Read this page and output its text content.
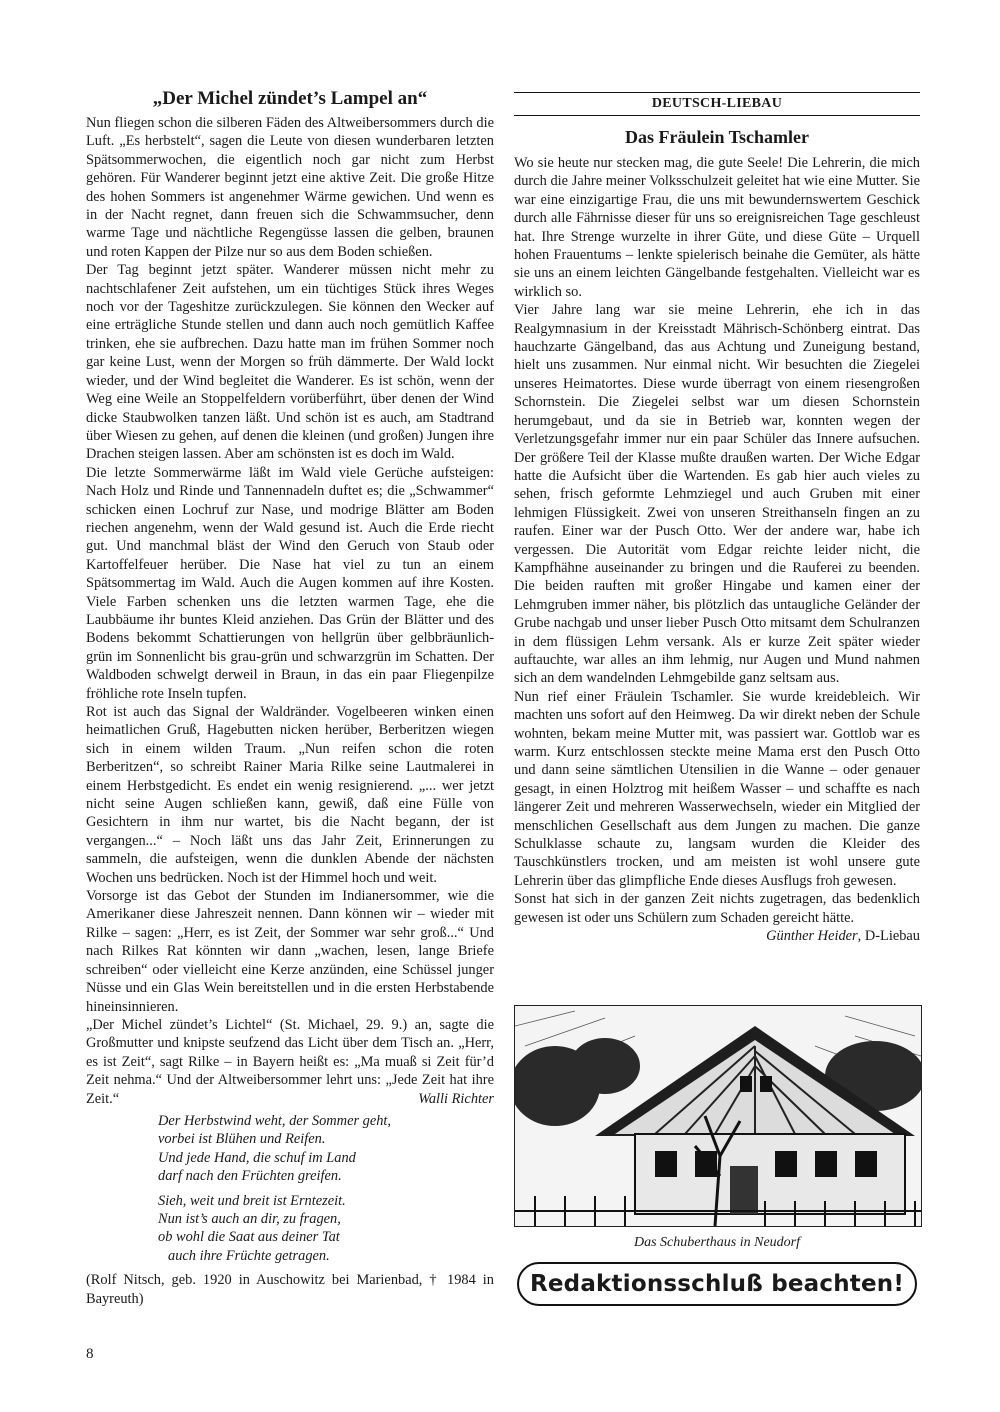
„Der Michel zündet’s Lampel an“

Nun fliegen schon die silberen Fäden des Altweibersommers durch die Luft. „Es herbstelt“, sagen die Leute von diesen wunderbaren letzten Spätsommerwochen, die eigentlich noch gar nicht zum Herbst gehören. Für Wanderer beginnt jetzt eine aktive Zeit. Die große Hitze des hohen Sommers ist angenehmer Wärme gewichen. Und wenn es in der Nacht regnet, dann freuen sich die Schwammsucher, denn warme Tage und nächtliche Regengüsse lassen die gelben, braunen und roten Kappen der Pilze nur so aus dem Boden schießen.

Der Tag beginnt jetzt später. Wanderer müssen nicht mehr zu nachtschlafener Zeit aufstehen, um ein tüchtiges Stück ihres Weges noch vor der Tageshitze zurückzulegen. Sie können den Wecker auf eine erträgliche Stunde stellen und dann auch noch gemütlich Kaffee trinken, ehe sie aufbrechen. Dazu hatte man im frühen Sommer noch gar keine Lust, wenn der Morgen so früh dämmerte. Der Wald lockt wieder, und der Wind begleitet die Wanderer. Es ist schön, wenn der Weg eine Weile an Stoppelfeldern vorüberführt, über denen der Wind dicke Staubwolken tanzen läßt. Und schön ist es auch, am Stadtrand über Wiesen zu gehen, auf denen die kleinen (und großen) Jungen ihre Drachen steigen lassen. Aber am schönsten ist es doch im Wald.

Die letzte Sommerwärme läßt im Wald viele Gerüche aufsteigen: Nach Holz und Rinde und Tannennadeln duftet es; die „Schwammer“ schicken einen Lochruf zur Nase, und modrige Blätter am Boden riechen angenehm, wenn der Wald gesund ist. Auch die Erde riecht gut. Und manchmal bläst der Wind den Geruch von Staub oder Kartoffelfeuer herüber. Die Nase hat viel zu tun an einem Spätsommertag im Wald. Auch die Augen kommen auf ihre Kosten. Viele Farben schenken uns die letzten warmen Tage, ehe die Laubbäume ihr buntes Kleid anziehen. Das Grün der Blätter und des Bodens bekommt Schattierungen von hellgrün über gelbbräunlich-grün im Sonnenlicht bis grau-grün und schwarzgrün im Schatten. Der Waldboden schwelgt derweil in Braun, in das ein paar Fliegenpilze fröhliche rote Inseln tupfen.

Rot ist auch das Signal der Waldränder. Vogelbeeren winken einen heimatlichen Gruß, Hagebutten nicken herüber, Berberitzen wiegen sich in einem wilden Traum. „Nun reifen schon die roten Berberitzen“, so schreibt Rainer Maria Rilke seine Lautmalerei in einem Herbstgedicht. Es endet ein wenig resignierend. „... wer jetzt nicht seine Augen schließen kann, gewiß, daß eine Fülle von Gesichtern in ihm nur wartet, bis die Nacht begann, der ist vergangen...“ – Noch läßt uns das Jahr Zeit, Erinnerungen zu sammeln, die aufsteigen, wenn die dunklen Abende der nächsten Wochen uns bedrücken. Noch ist der Himmel hoch und weit.

Vorsorge ist das Gebot der Stunden im Indianersommer, wie die Amerikaner diese Jahreszeit nennen. Dann können wir – wieder mit Rilke – sagen: „Herr, es ist Zeit, der Sommer war sehr groß...“ Und nach Rilkes Rat könnten wir dann „wachen, lesen, lange Briefe schreiben“ oder vielleicht eine Kerze anzünden, eine Schüssel junger Nüsse und ein Glas Wein bereitstellen und in die ersten Herbstabende hineinsinnieren.

„Der Michel zündet’s Lichtel“ (St. Michael, 29. 9.) an, sagte die Großmutter und knipste seufzend das Licht über dem Tisch an. „Herr, es ist Zeit“, sagt Rilke – in Bayern heißt es: „Ma muaß si Zeit für’d Zeit nehma.“ Und der Altweibersommer lehrt uns: „Jede Zeit hat ihre Zeit.“	Walli Richter

Der Herbstwind weht, der Sommer geht,
vorbei ist Blühen und Reifen.
Und jede Hand, die schuf im Land
darf nach den Früchten greifen.
Sieh, weit und breit ist Erntezeit.
Nun ist’s auch an dir, zu fragen,
ob wohl die Saat aus deiner Tat
auch ihre Früchte getragen.

(Rolf Nitsch, geb. 1920 in Auschowitz bei Marienbad, † 1984 in Bayreuth)

DEUTSCH-LIEBAU

Das Fräulein Tschamler

Wo sie heute nur stecken mag, die gute Seele! Die Lehrerin, die mich durch die Jahre meiner Volksschulzeit geleitet hat wie eine Mutter. Sie war eine einzigartige Frau, die uns mit bewundernswertem Geschick durch alle Fährnisse dieser für uns so ereignisreichen Tage geschleust hat. Ihre Strenge wurzelte in ihrer Güte, und diese Güte – Urquell hohen Frauentums – lenkte spielerisch beinahe die Gemüter, als hätte sie uns an einem leichten Gängelbande festgehalten. Vielleicht war es wirklich so.

Vier Jahre lang war sie meine Lehrerin, ehe ich in das Realgymnasium in der Kreisstadt Mährisch-Schönberg eintrat. Das hauchzarte Gängelband, das aus Achtung und Zuneigung bestand, hielt uns zusammen. Nur einmal nicht. Wir besuchten die Ziegelei unseres Heimatortes. Diese wurde überragt von einem riesengroßen Schornstein. Die Ziegelei selbst war um diesen Schornstein herumgebaut, und da sie in Betrieb war, konnten wegen der Verletzungsgefahr immer nur ein paar Schüler das Innere aufsuchen. Der größere Teil der Klasse mußte draußen warten. Der Wiche Edgar hatte die Aufsicht über die Wartenden. Es gab hier auch vieles zu sehen, frisch geformte Lehmziegel und auch Gruben mit einer lehmigen Flüssigkeit. Zwei von unseren Streithanseln fingen an zu raufen. Einer war der Pusch Otto. Wer der andere war, habe ich vergessen. Die Autorität vom Edgar reichte leider nicht, die Kampfhähne auseinander zu bringen und die Rauferei zu beenden. Die beiden rauften mit großer Hingabe und kamen einer der Lehmgruben immer näher, bis plötzlich das untaugliche Geländer der Grube nachgab und unser lieber Pusch Otto mitsamt dem Schulranzen in dem flüssigen Lehm versank. Als er kurze Zeit später wieder auftauchte, war alles an ihm lehmig, nur Augen und Mund nahmen sich an dem wandelnden Lehmgebilde ganz seltsam aus.

Nun rief einer Fräulein Tschamler. Sie wurde kreidebleich. Wir machten uns sofort auf den Heimweg. Da wir direkt neben der Schule wohnten, bekam meine Mutter mit, was passiert war. Gottlob war es warm. Kurz entschlossen steckte meine Mama erst den Pusch Otto und dann seine sämtlichen Utensilien in die Wanne – oder genauer gesagt, in einen Holztrog mit heißem Wasser – und schaffte es nach längerer Zeit und mehreren Wasserwechseln, wieder ein Mitglied der menschlichen Gesellschaft aus dem Jungen zu machen. Die ganze Schulklasse schaute zu, langsam wurden die Kleider des Tauschkünstlers trocken, und am meisten ist wohl unsere gute Lehrerin über das glimpfliche Ende dieses Ausflugs froh gewesen.

Sonst hat sich in der ganzen Zeit nichts zugetragen, das bedenklich gewesen ist oder uns Schülern zum Schaden gereicht hätte.

Günther Heider, D-Liebau

Das Schuberthaus in Neudorf
Redaktionsschluß beachten!
8
